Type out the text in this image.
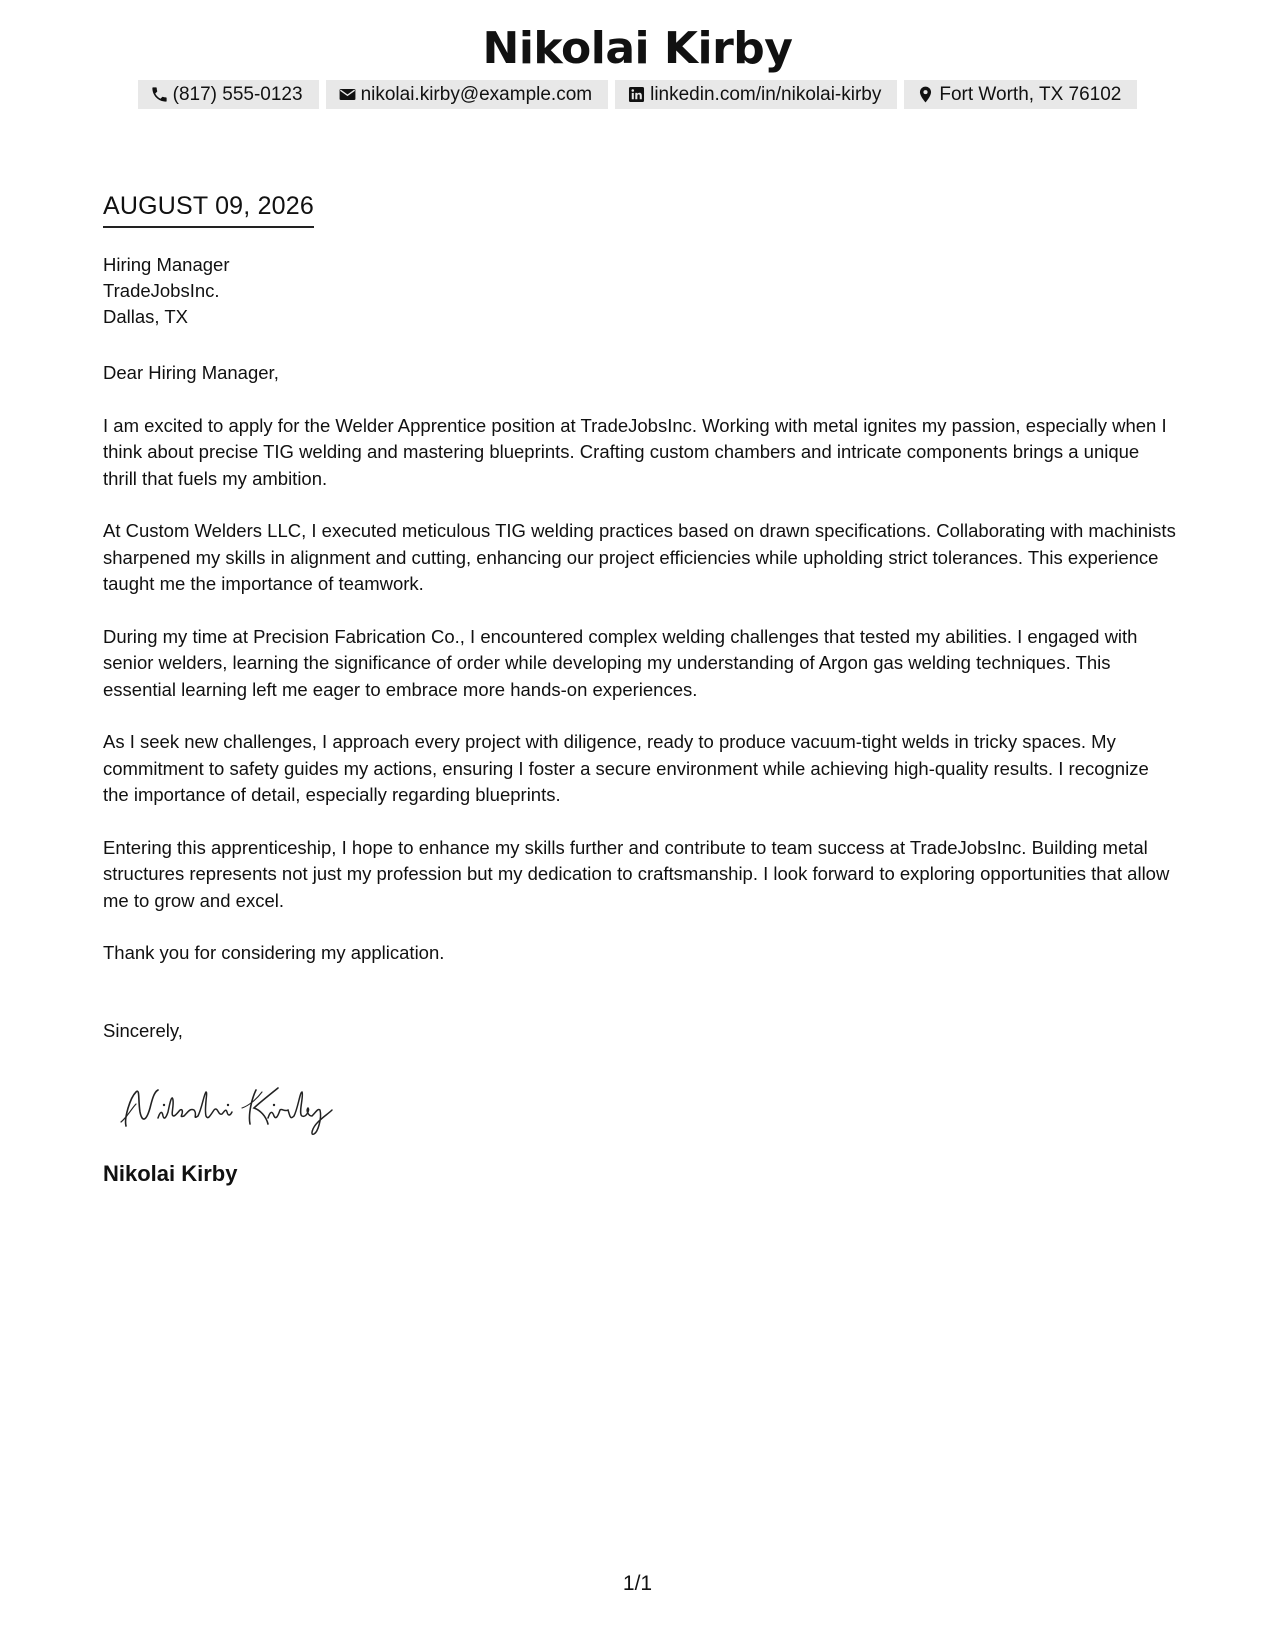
Nikolai Kirby
(817) 555-0123	nikolai.kirby@example.com	linkedin.com/in/nikolai-kirby	Fort Worth, TX 76102
AUGUST 09, 2026
Hiring Manager
TradeJobsInc.
Dallas, TX

Dear Hiring Manager,

I am excited to apply for the Welder Apprentice position at TradeJobsInc. Working with metal ignites my passion, especially when I think about precise TIG welding and mastering blueprints. Crafting custom chambers and intricate components brings a unique thrill that fuels my ambition.

At Custom Welders LLC, I executed meticulous TIG welding practices based on drawn specifications. Collaborating with machinists sharpened my skills in alignment and cutting, enhancing our project efficiencies while upholding strict tolerances. This experience taught me the importance of teamwork.

During my time at Precision Fabrication Co., I encountered complex welding challenges that tested my abilities. I engaged with senior welders, learning the significance of order while developing my understanding of Argon gas welding techniques. This essential learning left me eager to embrace more hands-on experiences.

As I seek new challenges, I approach every project with diligence, ready to produce vacuum-tight welds in tricky spaces. My commitment to safety guides my actions, ensuring I foster a secure environment while achieving high-quality results. I recognize the importance of detail, especially regarding blueprints.

Entering this apprenticeship, I hope to enhance my skills further and contribute to team success at TradeJobsInc. Building metal structures represents not just my profession but my dedication to craftsmanship. I look forward to exploring opportunities that allow me to grow and excel.

Thank you for considering my application.

Sincerely,
Nikolai Kirby
1/1
